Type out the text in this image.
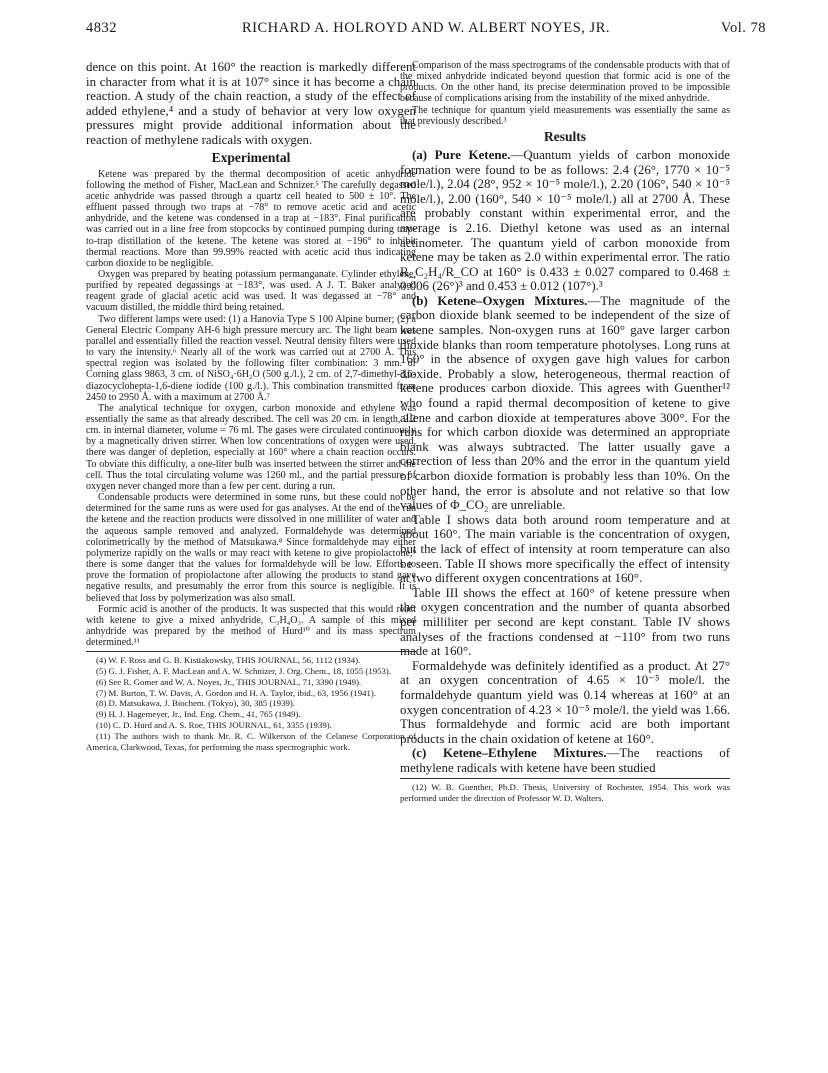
4832	RICHARD A. HOLROYD AND W. ALBERT NOYES, JR.	Vol. 78

dence on this point. At 160° the reaction is markedly different in character from what it is at 107° since it has become a chain reaction. A study of the chain reaction, a study of the effect of added ethylene,⁴ and a study of behavior at very low oxygen pressures might provide additional information about the reaction of methylene radicals with oxygen.

Experimental

Ketene was prepared by the thermal decomposition of acetic anhydride following the method of Fisher, MacLean and Schnizer.⁵ The carefully degassed acetic anhydride was passed through a quartz cell heated to 500 ± 10°. The effluent passed through two traps at −78° to remove acetic acid and acetic anhydride, and the ketene was condensed in a trap at −183°. Final purification was carried out in a line free from stopcocks by continued pumping during trap-to-trap distillation of the ketene. The ketene was stored at −196° to inhibit thermal reactions. More than 99.99% reacted with acetic acid thus indicating carbon dioxide to be negligible.

Oxygen was prepared by heating potassium permanganate. Cylinder ethylene, purified by repeated degassings at −183°, was used. A J. T. Baker analyzed reagent grade of glacial acetic acid was used. It was degassed at −78° and vacuum distilled, the middle third being retained.

Two different lamps were used: (1) a Hanovia Type S 100 Alpine burner; (2) a General Electric Company AH-6 high pressure mercury arc. The light beam was parallel and essentially filled the reaction vessel. Neutral density filters were used to vary the intensity.⁶ Nearly all of the work was carried out at 2700 Å. This spectral region was isolated by the following filter combination: 3 mm. of Corning glass 9863, 3 cm. of NiSO₄·6H₂O (500 g./l.), 2 cm. of 2,7-dimethyl-3,6-diazocyclohepta-1,6-diene iodide (100 g./l.). This combination transmitted from 2450 to 2950 Å. with a maximum at 2700 Å.⁷

The analytical technique for oxygen, carbon monoxide and ethylene was essentially the same as that already described. The cell was 20 cm. in length, 2.2 cm. in internal diameter, volume = 76 ml. The gases were circulated continuously by a magnetically driven stirrer. When low concentrations of oxygen were used, there was danger of depletion, especially at 160° where a chain reaction occurs. To obviate this difficulty, a one-liter bulb was inserted between the stirrer and the cell. Thus the total circulating volume was 1260 ml., and the partial pressure of oxygen never changed more than a few per cent. during a run.

Condensable products were determined in some runs, but these could not be determined for the same runs as were used for gas analyses. At the end of the run the ketene and the reaction products were dissolved in one milliliter of water and the aqueous sample removed and analyzed. Formaldehyde was determined colorimetrically by the method of Matsukawa.⁸ Since formaldehyde may either polymerize rapidly on the walls or may react with ketene to give propiolactone,⁹ there is some danger that the values for formaldehyde will be low. Efforts to prove the formation of propiolactone after allowing the products to stand gave negative results, and presumably the error from this source is negligible. It is believed that loss by polymerization was also small.

Formic acid is another of the products. It was suspected that this would react with ketene to give a mixed anhydride, C₃H₄O₃. A sample of this mixed anhydride was prepared by the method of Hurd¹⁰ and its mass spectrum determined.¹¹

(4) W. F. Ross and G. B. Kistiakowsky, THIS JOURNAL, 56, 1112 (1934).

(5) G. J. Fisher, A. F. MacLean and A. W. Schnizer, J. Org. Chem., 18, 1055 (1953).

(6) See R. Gomer and W. A. Noyes, Jr., THIS JOURNAL, 71, 3390 (1949).

(7) M. Burton, T. W. Davis, A. Gordon and H. A. Taylor, ibid., 63, 1956 (1941).

(8) D. Matsukawa, J. Biochem. (Tokyo), 30, 385 (1939).

(9) H. J. Hagemeyer, Jr., Ind. Eng. Chem., 41, 765 (1949).

(10) C. D. Hurd and A. S. Roe, THIS JOURNAL, 61, 3355 (1939).

(11) The authors wish to thank Mr. R. C. Wilkerson of the Celanese Corporation of America, Clarkwood, Texas, for performing the mass spectrographic work.

Comparison of the mass spectrograms of the condensable products with that of the mixed anhydride indicated beyond question that formic acid is one of the products. On the other hand, its precise determination proved to be impossible because of complications arising from the instability of the mixed anhydride.

The technique for quantum yield measurements was essentially the same as that previously described.³

Results

(a) Pure Ketene.—Quantum yields of carbon monoxide formation were found to be as follows: 2.4 (26°, 1770 × 10⁻⁵ mole/l.), 2.04 (28°, 952 × 10⁻⁵ mole/l.), 2.20 (106°, 540 × 10⁻⁵ mole/l.), 2.00 (160°, 540 × 10⁻⁵ mole/l.) all at 2700 Å. These are probably constant within experimental error, and the average is 2.16. Diethyl ketone was used as an internal actinometer. The quantum yield of carbon monoxide from ketene may be taken as 2.0 within experimental error. The ratio R_C₂H₄/R_CO at 160° is 0.433 ± 0.027 compared to 0.468 ± 0.006 (26°)³ and 0.453 ± 0.012 (107°).³

(b) Ketene–Oxygen Mixtures.—The magnitude of the carbon dioxide blank seemed to be independent of the size of ketene samples. Non-oxygen runs at 160° gave larger carbon dioxide blanks than room temperature photolyses. Long runs at 160° in the absence of oxygen gave high values for carbon dioxide. Probably a slow, heterogeneous, thermal reaction of ketene produces carbon dioxide. This agrees with Guenther¹² who found a rapid thermal decomposition of ketene to give allene and carbon dioxide at temperatures above 300°. For the runs for which carbon dioxide was determined an appropriate blank was always subtracted. The latter usually gave a correction of less than 20% and the error in the quantum yield of carbon dioxide formation is probably less than 10%. On the other hand, the error is absolute and not relative so that low values of Φ_CO₂ are unreliable.

Table I shows data both around room temperature and at about 160°. The main variable is the concentration of oxygen, but the lack of effect of intensity at room temperature can also be seen. Table II shows more specifically the effect of intensity at two different oxygen concentrations at 160°.

Table III shows the effect at 160° of ketene pressure when the oxygen concentration and the number of quanta absorbed per milliliter per second are kept constant. Table IV shows analyses of the fractions condensed at −110° from two runs made at 160°.

Formaldehyde was definitely identified as a product. At 27° at an oxygen concentration of 4.65 × 10⁻⁵ mole/l. the formaldehyde quantum yield was 0.14 whereas at 160° at an oxygen concentration of 4.23 × 10⁻⁵ mole/l. the yield was 1.66. Thus formaldehyde and formic acid are both important products in the chain oxidation of ketene at 160°.

(c) Ketene–Ethylene Mixtures.—The reactions of methylene radicals with ketene have been studied

(12) W. B. Guenther, Ph.D. Thesis, University of Rochester, 1954. This work was performed under the direction of Professor W. D. Walters.
